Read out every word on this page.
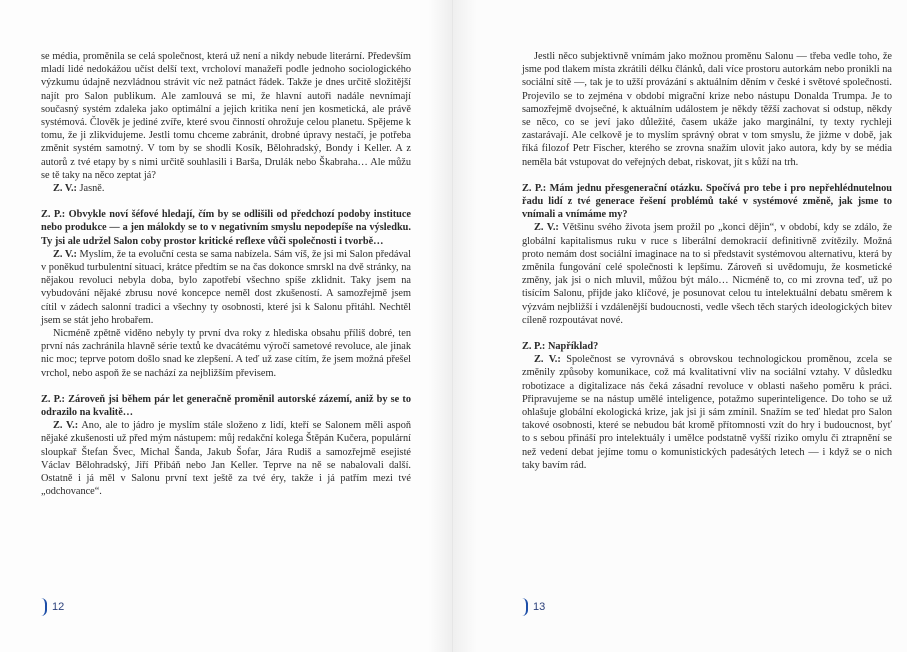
se média, proměnila se celá společnost, která už není a nikdy nebude literární. Především mladí lidé nedokážou učíst delší text, vrcholoví manažeři podle jednoho sociologického výzkumu údajně nezvládnou strávit víc než patnáct řádek. Takže je dnes určitě složitější najít pro Salon publikum. Ale zamlouvá se mi, že hlavní autoři nadále nevnímají současný systém zdaleka jako optimální a jejich kritika není jen kosmetická, ale právě systémová. Člověk je jediné zvíře, které svou činností ohrožuje celou planetu. Spějeme k tomu, že ji zlikvidujeme. Jestli tomu chceme zabránit, drobné úpravy nestačí, je potřeba změnit systém samotný. V tom by se shodli Kosík, Bělohradský, Bondy i Keller. A z autorů z tvé etapy by s nimi určitě souhlasili i Barša, Drulák nebo Škabraha… Ale můžu se tě taky na něco zeptat já?

Z. V.: Jasně.

Z. P.: Obvykle noví šéfové hledají, čím by se odlišili od předchozí podoby instituce nebo produkce — a jen málokdy se to v negativním smyslu nepodepíše na výsledku. Ty jsi ale udržel Salon coby prostor kritické reflexe vůči společnosti i tvorbě…

Z. V.: Myslím, že ta evoluční cesta se sama nabízela. Sám víš, že jsi mi Salon předával v poněkud turbulentní situaci, krátce předtím se na čas dokonce smrskl na dvě stránky, na nějakou revoluci nebyla doba, bylo zapotřebí všechno spíše zklidnit. Taky jsem na vybudování nějaké zbrusu nové koncepce neměl dost zkušeností. A samozřejmě jsem cítil v zádech salonní tradici a všechny ty osobnosti, které jsi k Salonu přitáhl. Nechtěl jsem se stát jeho hrobařem.

Nicméně zpětně viděno nebyly ty první dva roky z hlediska obsahu příliš dobré, ten první nás zachránila hlavně série textů ke dvacátému výročí sametové revoluce, ale jinak nic moc; teprve potom došlo snad ke zlepšení. A teď už zase cítím, že jsem možná přešel vrchol, nebo aspoň že se nachází za nejbližším převisem.

Z. P.: Zároveň jsi během pár let generačně proměnil autorské zázemí, aniž by se to odrazilo na kvalitě…

Z. V.: Ano, ale to jádro je myslím stále složeno z lidí, kteří se Salonem měli aspoň nějaké zkušenosti už před mým nástupem: můj redakční kolega Štěpán Kučera, populární sloupkař Štefan Švec, Michal Šanda, Jakub Šofar, Jára Rudiš a samozřejmě esejisté Václav Bělohradský, Jiří Přibáň nebo Jan Keller. Teprve na ně se nabalovali další. Ostatně i já měl v Salonu první text ještě za tvé éry, takže i já patřím mezi tvé „odchovance“.

12

Jestli něco subjektivně vnímám jako možnou proměnu Salonu — třeba vedle toho, že jsme pod tlakem místa zkrátili délku článků, dali více prostoru autorkám nebo pronikli na sociální sítě —, tak je to užší provázání s aktuálním děním v české i světové společnosti. Projevilo se to zejména v období migrační krize nebo nástupu Donalda Trumpa. Je to samozřejmě dvojsečné, k aktuálním událostem je někdy těžší zachovat si odstup, někdy se něco, co se jeví jako důležité, časem ukáže jako marginální, ty texty rychleji zastarávají. Ale celkově je to myslím správný obrat v tom smyslu, že jiżme v době, jak říká filozof Petr Fischer, kterého se zrovna snažím ulovit jako autora, kdy by se média neměla bát vstupovat do veřejných debat, riskovat, jít s kůží na trh.

Z. P.: Mám jednu přesgenerační otázku. Spočívá pro tebe i pro nepřehlédnutelnou řadu lidí z tvé generace řešení problémů také v systémové změně, jak jsme to vnímali a vnímáme my?

Z. V.: Většinu svého života jsem prožil po „konci dějin“, v období, kdy se zdálo, že globální kapitalismus ruku v ruce s liberální demokracií definitivně zvítězily. Možná proto nemám dost sociální imaginace na to si představit systémovou alternativu, která by změnila fungování celé společnosti k lepšímu. Zároveň si uvědomuju, že kosmetické změny, jak jsi o nich mluvil, můžou být málo… Nicméně to, co mi zrovna teď, už po tisícím Salonu, přijde jako klíčové, je posunovat celou tu intelektuální debatu směrem k výzvám nejbližší i vzdálenější budoucnosti, vedle všech těch starých ideologických bitev cíleně rozpoutávat nové.

Z. P.: Například?

Z. V.: Společnost se vyrovnává s obrovskou technologickou proměnou, zcela se změnily způsoby komunikace, což má kvalitativní vliv na sociální vztahy. V důsledku robotizace a digitalizace nás čeká zásadní revoluce v oblasti našeho poměru k práci. Připravujeme se na nástup umělé inteligence, potažmo superinteligence. Do toho se už ohlašuje globální ekologická krize, jak jsi ji sám zmínil. Snažím se teď hledat pro Salon takové osobnosti, které se nebudou bát kromě přítomnosti vzít do hry i budoucnost, byť to s sebou přináší pro intelektuály i umělce podstatně vyšší riziko omylu či ztrapnění se než vedení debat jejíme tomu o komunistických padesátých letech — i když se o nich taky bavím rád.

13
